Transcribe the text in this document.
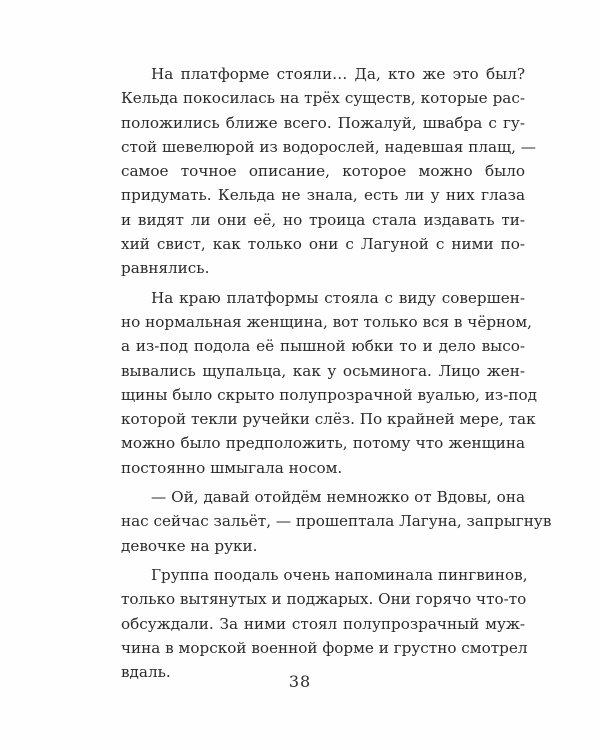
На платформе стояли… Да, кто же это был?
Кельда покосилась на трёх существ, которые рас-
положились ближе всего. Пожалуй, швабра с гу-
стой шевелюрой из водорослей, надевшая плащ, —
самое точное описание, которое можно было
придумать. Кельда не знала, есть ли у них глаза
и видят ли они её, но троица стала издавать ти-
хий свист, как только они с Лагуной с ними по-
равнялись.
На краю платформы стояла с виду совершен-
но нормальная женщина, вот только вся в чёрном,
а из-под подола её пышной юбки то и дело высо-
вывались щупальца, как у осьминога. Лицо жен-
щины было скрыто полупрозрачной вуалью, из-под
которой текли ручейки слёз. По крайней мере, так
можно было предположить, потому что женщина
постоянно шмыгала носом.
— Ой, давай отойдём немножко от Вдовы, она
нас сейчас зальёт, — прошептала Лагуна, запрыгнув
девочке на руки.
Группа поодаль очень напоминала пингвинов,
только вытянутых и поджарых. Они горячо что-то
обсуждали. За ними стоял полупрозрачный муж-
чина в морской военной форме и грустно смотрел
вдаль.	38
